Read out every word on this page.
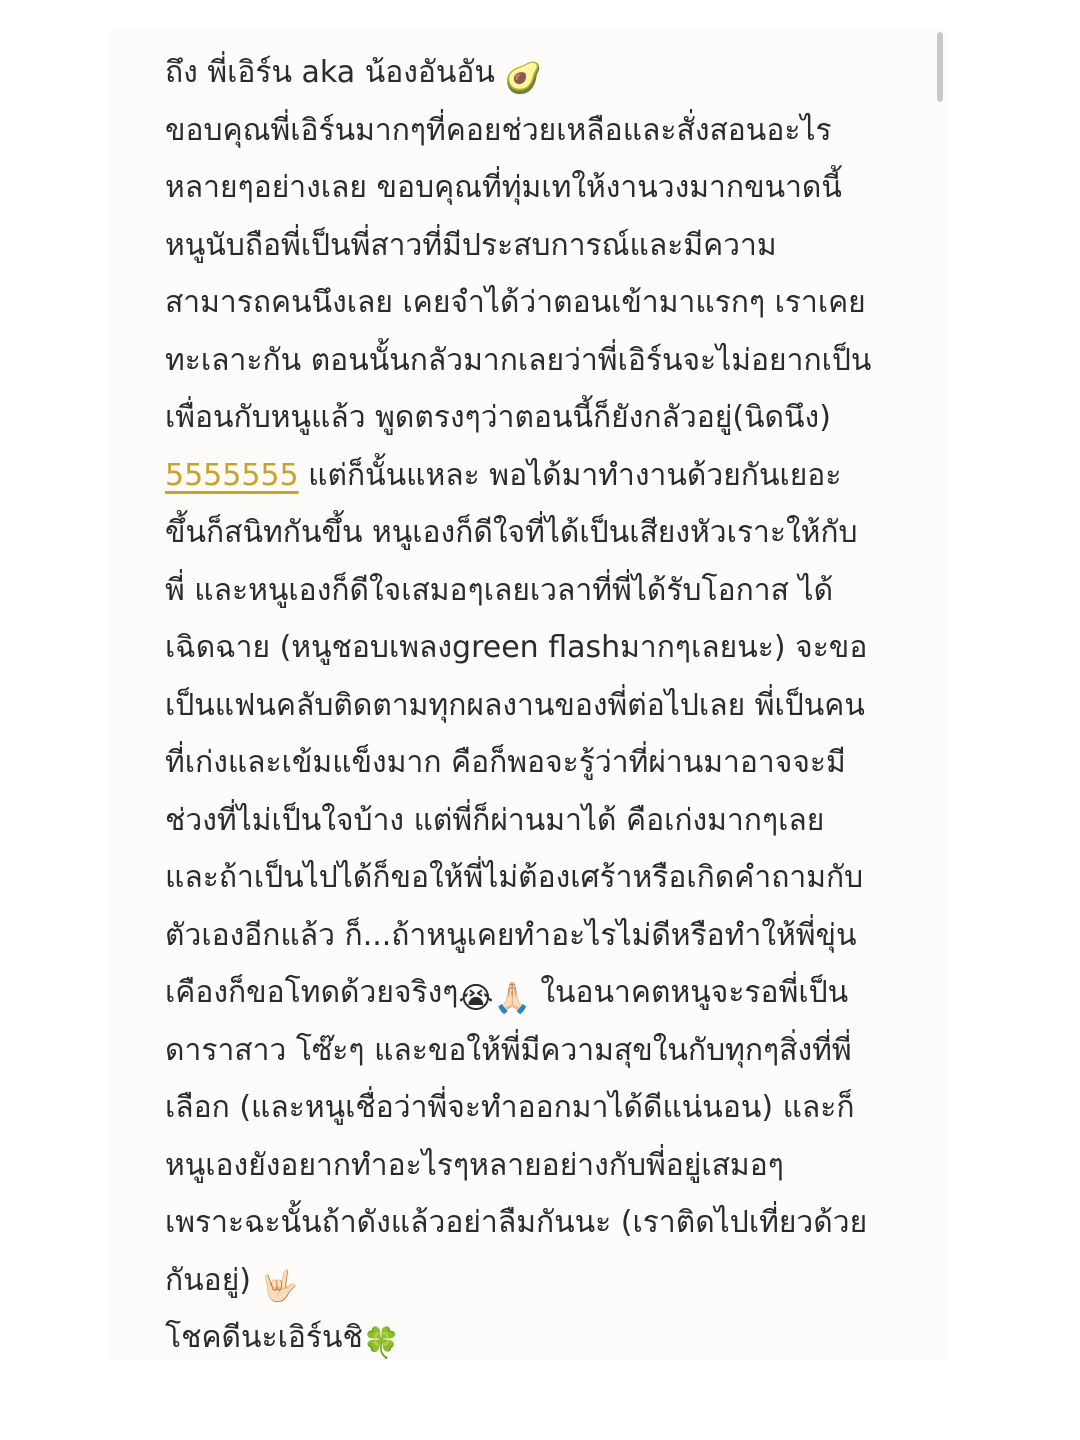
ถึง พี่เอิร์น aka น้องอันอัน 🥑
ขอบคุณพี่เอิร์นมากๆที่คอยช่วยเหลือและสั่งสอนอะไร
หลายๆอย่างเลย ขอบคุณที่ทุ่มเทให้งานวงมากขนาดนี้
หนูนับถือพี่เป็นพี่สาวที่มีประสบการณ์และมีความ
สามารถคนนึงเลย เคยจำได้ว่าตอนเข้ามาแรกๆ เราเคย
ทะเลาะกัน ตอนนั้นกลัวมากเลยว่าพี่เอิร์นจะไม่อยากเป็น
เพื่อนกับหนูแล้ว พูดตรงๆว่าตอนนี้ก็ยังกลัวอยู่(นิดนึง)
5555555 แต่ก็นั้นแหละ พอได้มาทำงานด้วยกันเยอะ
ขึ้นก็สนิทกันขึ้น หนูเองก็ดีใจที่ได้เป็นเสียงหัวเราะให้กับ
พี่ และหนูเองก็ดีใจเสมอๆเลยเวลาที่พี่ได้รับโอกาส ได้
เฉิดฉาย (หนูชอบเพลงgreen flashมากๆเลยนะ) จะขอ
เป็นแฟนคลับติดตามทุกผลงานของพี่ต่อไปเลย พี่เป็นคน
ที่เก่งและเข้มแข็งมาก คือก็พอจะรู้ว่าที่ผ่านมาอาจจะมี
ช่วงที่ไม่เป็นใจบ้าง แต่พี่ก็ผ่านมาได้ คือเก่งมากๆเลย
และถ้าเป็นไปได้ก็ขอให้พี่ไม่ต้องเศร้าหรือเกิดคำถามกับ
ตัวเองอีกแล้ว ก็...ถ้าหนูเคยทำอะไรไม่ดีหรือทำให้พี่ขุ่น
เคืองก็ขอโทดด้วยจริงๆ😭🙏🏻 ในอนาคตหนูจะรอพี่เป็น
ดาราสาว โซ๊ะๆ และขอให้พี่มีความสุขในกับทุกๆสิ่งที่พี่
เลือก (และหนูเชื่อว่าพี่จะทำออกมาได้ดีแน่นอน) และก็
หนูเองยังอยากทำอะไรๆหลายอย่างกับพี่อยู่เสมอๆ
เพราะฉะนั้นถ้าดังแล้วอย่าลืมกันนะ (เราติดไปเที่ยวด้วย
กันอยู่) 🤟🏻
โชคดีนะเอิร์นชิ🍀
